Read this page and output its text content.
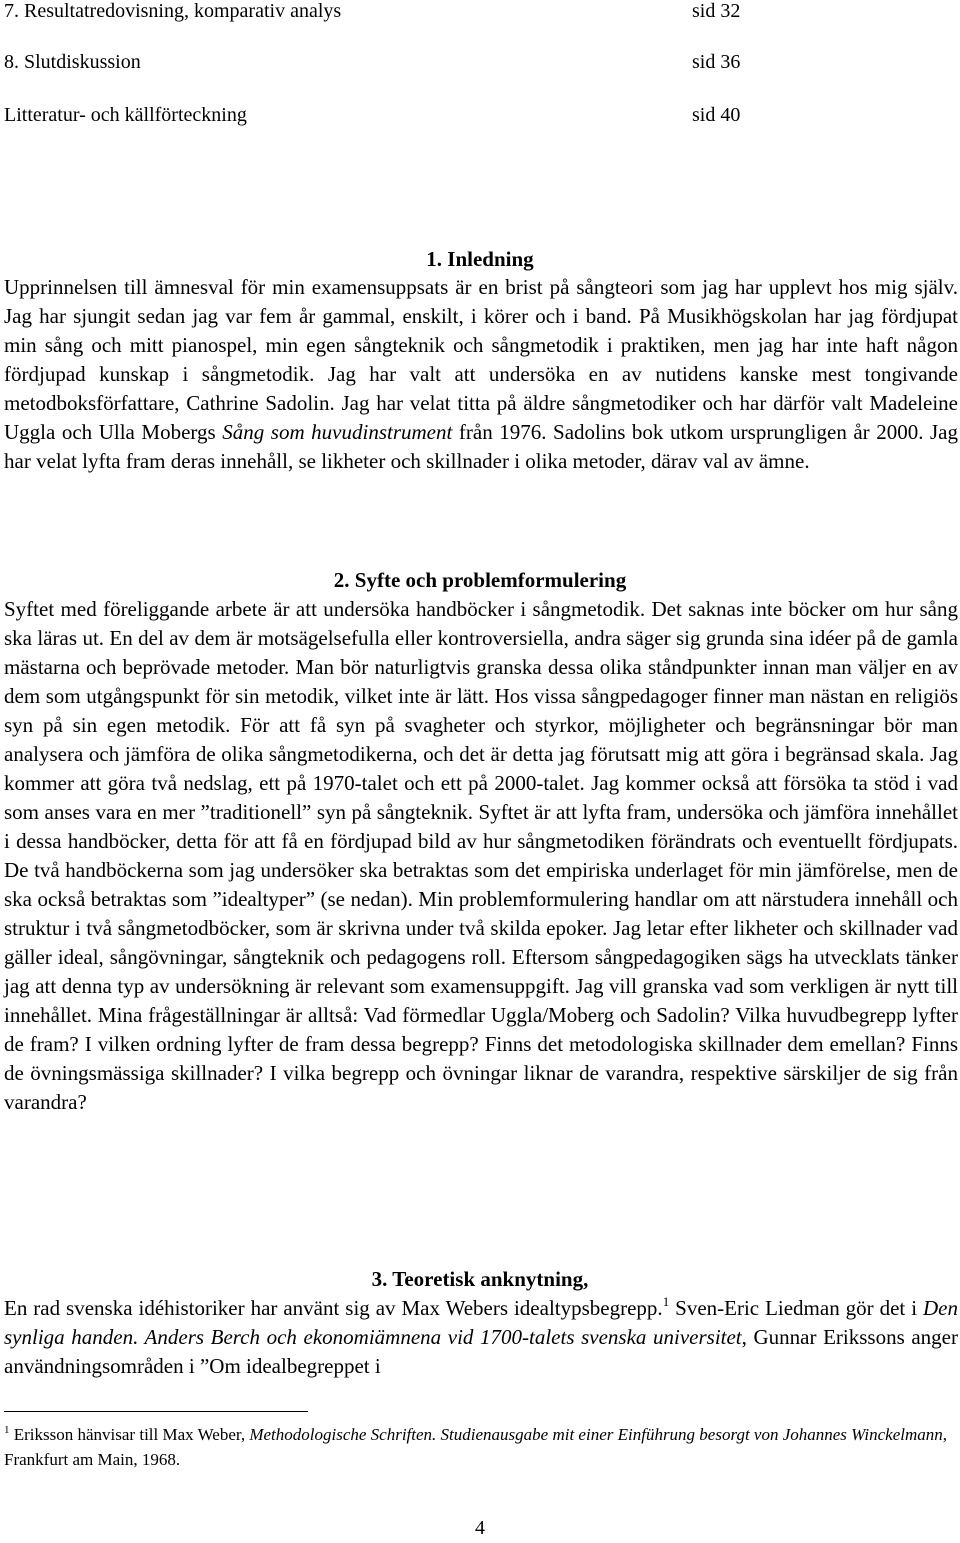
7. Resultatredovisning, komparativ analys	sid 32
8. Slutdiskussion	sid 36
Litteratur- och källförteckning	sid 40
1. Inledning
Upprinnelsen till ämnesval för min examensuppsats är en brist på sångteori som jag har upplevt hos mig själv. Jag har sjungit sedan jag var fem år gammal, enskilt, i körer och i band. På Musikhögskolan har jag fördjupat min sång och mitt pianospel, min egen sångteknik och sångmetodik i praktiken, men jag har inte haft någon fördjupad kunskap i sångmetodik. Jag har valt att undersöka en av nutidens kanske mest tongivande metodboksförfattare, Cathrine Sadolin. Jag har velat titta på äldre sångmetodiker och har därför valt Madeleine Uggla och Ulla Mobergs Sång som huvudinstrument från 1976. Sadolins bok utkom ursprungligen år 2000. Jag har velat lyfta fram deras innehåll, se likheter och skillnader i olika metoder, därav val av ämne.
2. Syfte och problemformulering
Syftet med föreliggande arbete är att undersöka handböcker i sångmetodik. Det saknas inte böcker om hur sång ska läras ut. En del av dem är motsägelsefulla eller kontroversiella, andra säger sig grunda sina idéer på de gamla mästarna och beprövade metoder. Man bör naturligtvis granska dessa olika ståndpunkter innan man väljer en av dem som utgångspunkt för sin metodik, vilket inte är lätt. Hos vissa sångpedagoger finner man nästan en religiös syn på sin egen metodik. För att få syn på svagheter och styrkor, möjligheter och begränsningar bör man analysera och jämföra de olika sångmetodikerna, och det är detta jag förutsatt mig att göra i begränsad skala. Jag kommer att göra två nedslag, ett på 1970-talet och ett på 2000-talet. Jag kommer också att försöka ta stöd i vad som anses vara en mer ”traditionell” syn på sångteknik. Syftet är att lyfta fram, undersöka och jämföra innehållet i dessa handböcker, detta för att få en fördjupad bild av hur sångmetodiken förändrats och eventuellt fördjupats. De två handböckerna som jag undersöker ska betraktas som det empiriska underlaget för min jämförelse, men de ska också betraktas som ”idealtyper” (se nedan). Min problemformulering handlar om att närstudera innehåll och struktur i två sångmetodböcker, som är skrivna under två skilda epoker. Jag letar efter likheter och skillnader vad gäller ideal, sångövningar, sångteknik och pedagogens roll. Eftersom sångpedagogiken sägs ha utvecklats tänker jag att denna typ av undersökning är relevant som examensuppgift. Jag vill granska vad som verkligen är nytt till innehållet. Mina frågeställningar är alltså: Vad förmedlar Uggla/Moberg och Sadolin? Vilka huvudbegrepp lyfter de fram? I vilken ordning lyfter de fram dessa begrepp? Finns det metodologiska skillnader dem emellan? Finns de övningsmässiga skillnader? I vilka begrepp och övningar liknar de varandra, respektive särskiljer de sig från varandra?
3. Teoretisk anknytning,
En rad svenska idéhistoriker har använt sig av Max Webers idealtypsbegrepp.$^1$ Sven-Eric Liedman gör det i Den synliga handen. Anders Berch och ekonomiämnena vid 1700-talets svenska universitet, Gunnar Erikssons anger användningsområden i ”Om idealbegreppet i
$^1$ Eriksson hänvisar till Max Weber, Methodologische Schriften. Studienausgabe mit einer Einführung besorgt von Johannes Winckelmann, Frankfurt am Main, 1968.
4
